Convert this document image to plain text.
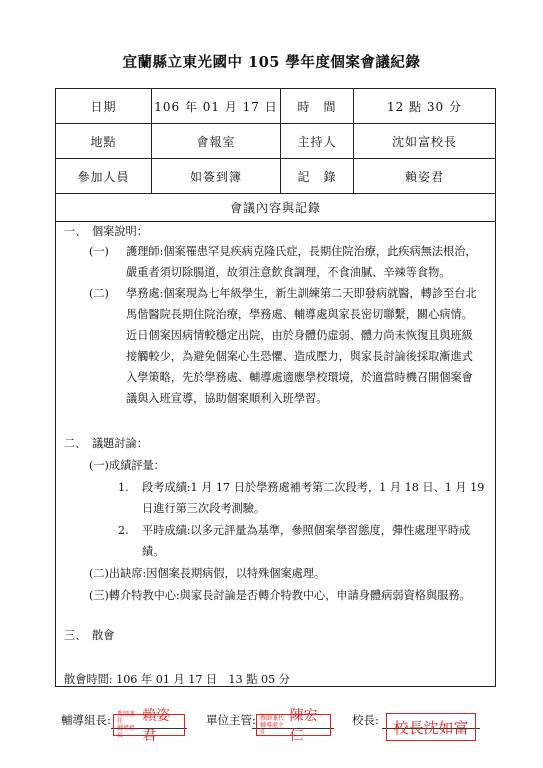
宜蘭縣立東光國中 105 學年度個案會議紀錄
日期	106 年 01 月 17 日	時　間	12 點 30 分
地點	會報室	主持人	沈如富校長
參加人員	如簽到簿	記　錄	賴姿君
會議內容與記錄
一、　個案說明：
(一) 護理師:個案罹患罕見疾病克隆氏症，長期住院治療，此疾病無法根治，
嚴重者須切除腸道，故須注意飲食調理，不食油膩、辛辣等食物。
(二) 學務處:個案現為七年級學生，新生訓練第二天即發病就醫，轉診至台北
馬偕醫院長期住院治療，學務處、輔導處與家長密切聯繫，關心病情。
近日個案因病情較穩定出院，由於身體仍虛弱、體力尚未恢復且與班級
接觸較少，為避免個案心生恐懼、造成壓力，與家長討論後採取漸進式
入學策略，先於學務處、輔導處適應學校環境，於適當時機召開個案會
議與入班宣導，協助個案順利入班學習。
二、　議題討論：
(一)成績評量：
1. 段考成績:1 月 17 日於學務處補考第二次段考，1 月 18 日、1 月 19
日進行第三次段考測驗。
2. 平時成績:以多元評量為基準，參照個案學習態度，彈性處理平時成
績。
(二)出缺席:因個案長期病假，以特殊個案處理。
(三)轉介特教中心:與家長討論是否轉介特教中心，申請身體病弱資格與服務。
三、　散會
散會時間: 106 年 01 月 17 日　13 點 05 分
輔導組長: 教師兼任
輔導組長
賴姿君
單位主管: 教師兼代
輔導處主任
陳宏仁
校長: 校長沈如富
